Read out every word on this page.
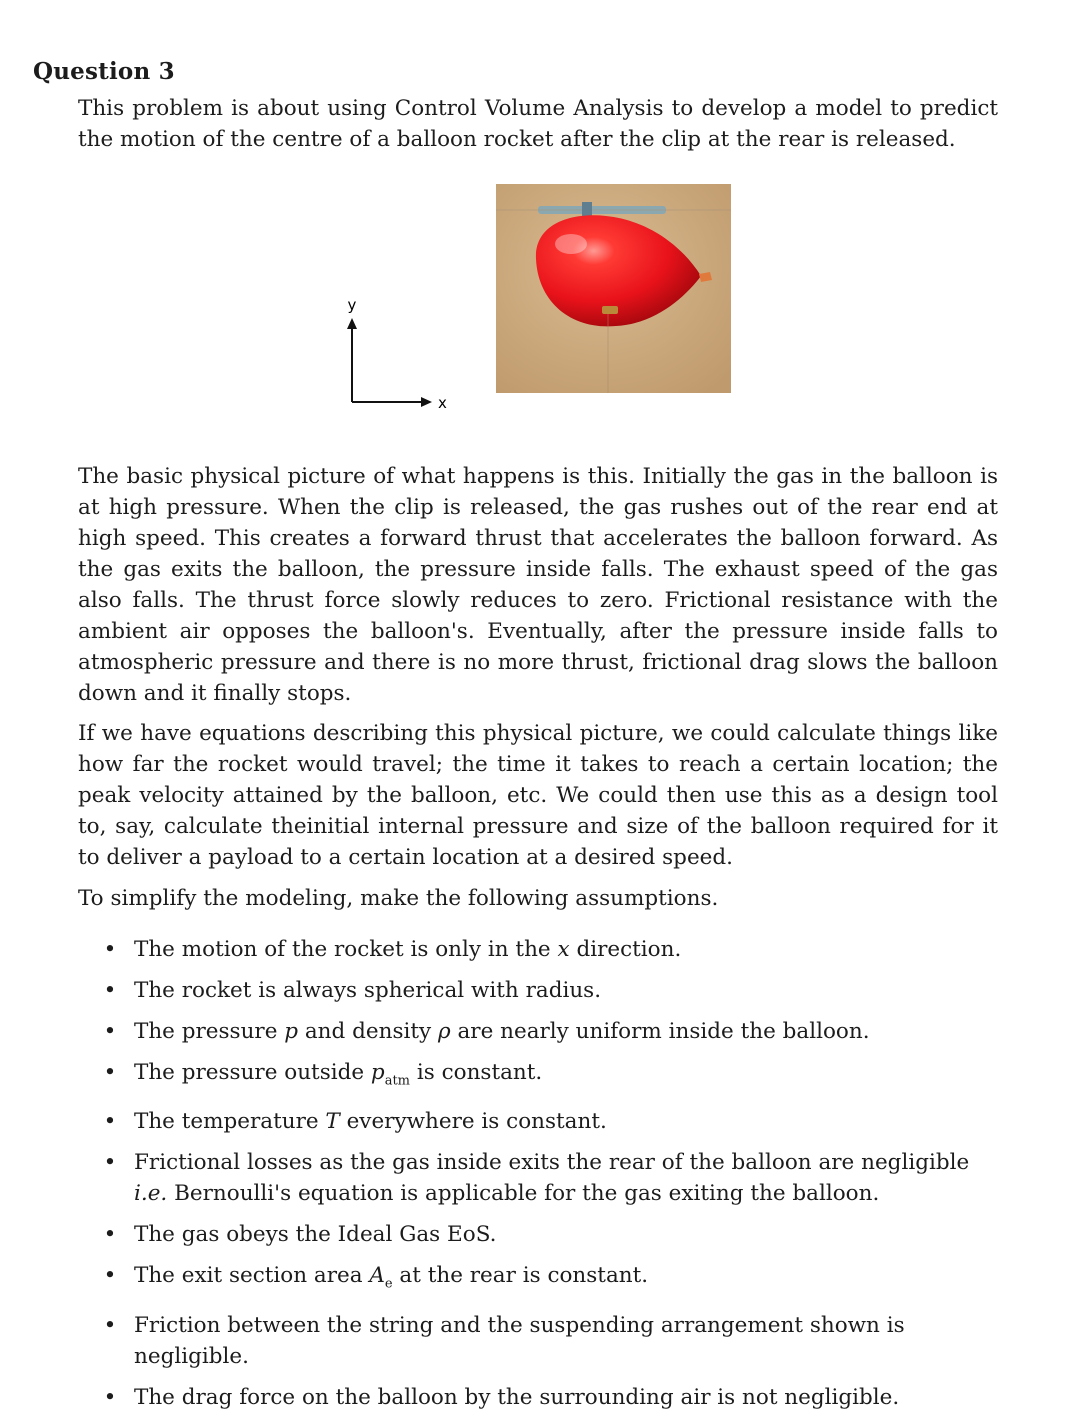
Question 3
This problem is about using Control Volume Analysis to develop a model to predict the motion of the centre of a balloon rocket after the clip at the rear is released.
y
x
The basic physical picture of what happens is this. Initially the gas in the balloon is at high pressure. When the clip is released, the gas rushes out of the rear end at high speed. This creates a forward thrust that accelerates the balloon forward. As the gas exits the balloon, the pressure inside falls. The exhaust speed of the gas also falls. The thrust force slowly reduces to zero. Frictional resistance with the ambient air opposes the balloon's. Eventually, after the pressure inside falls to atmospheric pressure and there is no more thrust, frictional drag slows the balloon down and it finally stops.
If we have equations describing this physical picture, we could calculate things like how far the rocket would travel; the time it takes to reach a certain location; the peak velocity attained by the balloon, etc. We could then use this as a design tool to, say, calculate theinitial internal pressure and size of the balloon required for it to deliver a payload to a certain location at a desired speed.
To simplify the modeling, make the following assumptions.
• The motion of the rocket is only in the x direction.
• The rocket is always spherical with radius.
• The pressure p and density ρ are nearly uniform inside the balloon.
• The pressure outside $p_{atm}$ is constant.
• The temperature T everywhere is constant.
• Frictional losses as the gas inside exits the rear of the balloon are negligible i.e. Bernoulli's equation is applicable for the gas exiting the balloon.
• The gas obeys the Ideal Gas EoS.
• The exit section area $A_e$ at the rear is constant.
• Friction between the string and the suspending arrangement shown is negligible.
• The drag force on the balloon by the surrounding air is not negligible.
